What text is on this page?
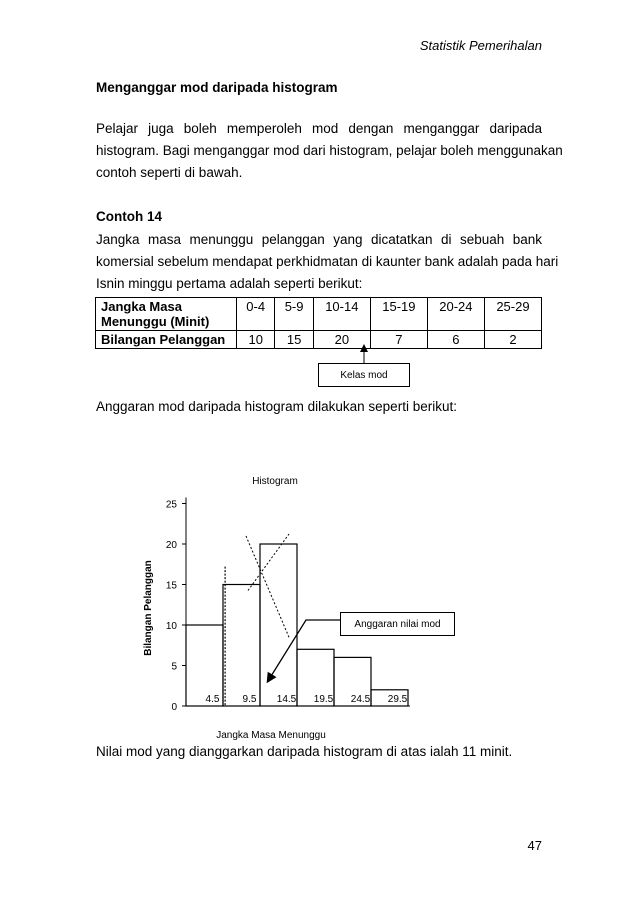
Statistik Pemerihalan
Menganggar mod daripada histogram
Pelajar juga boleh memperoleh mod dengan menganggar daripada
histogram. Bagi menganggar mod dari histogram, pelajar boleh menggunakan
contoh seperti di bawah.
Contoh 14
Jangka masa menunggu pelanggan yang dicatatkan di sebuah bank
komersial sebelum mendapat perkhidmatan di kaunter bank adalah pada hari
Isnin minggu pertama adalah seperti berikut:
Jangka Masa
Menunggu (Minit)	0-4	5-9	10-14	15-19	20-24	25-29
Bilangan Pelanggan	10	15	20	7	6	2
Kelas mod
Anggaran mod daripada histogram dilakukan seperti berikut:
Histogram
Bilangan Pelanggan
Jangka Masa Menunggu
0
5
10
15
20
25
4.5 9.5 14.5 19.5 24.5 29.5
Anggaran nilai mod
Nilai mod yang dianggarkan daripada histogram di atas ialah 11 minit.
47
